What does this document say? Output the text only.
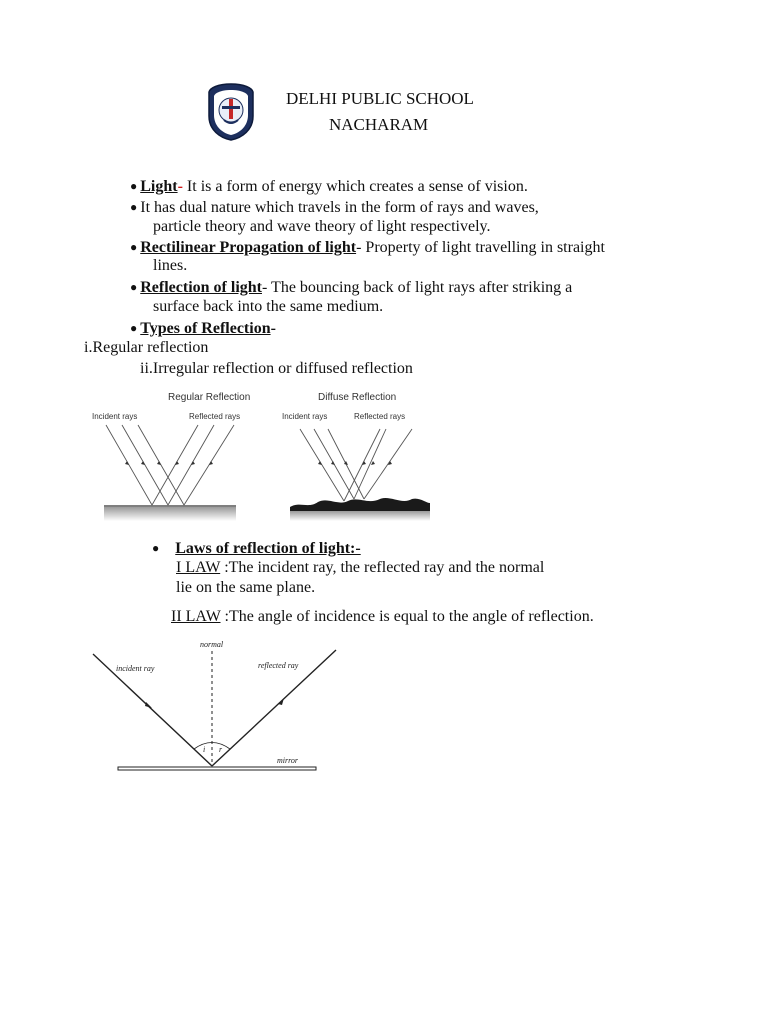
DELHI PUBLIC SCHOOL
NACHARAM
● Light- It is a form of energy which creates a sense of vision.
● It has dual nature which travels in the form of rays and waves,
particle theory and wave theory of light respectively.
● Rectilinear Propagation of light- Property of light travelling in straight
lines.
● Reflection of light- The bouncing back of light rays after striking a
surface back into the same medium.
● Types of Reflection-
i.Regular reflection
ii.Irregular reflection or diffused reflection
Regular Reflection
Incident rays	Reflected rays
Diffuse Reflection
Incident rays	Reflected rays
● Laws of reflection of light:-
I LAW :The incident ray, the reflected ray and the normal
lie on the same plane.
II LAW :The angle of incidence is equal to the angle of reflection.
normal
incident ray	reflected ray
i r
mirror
